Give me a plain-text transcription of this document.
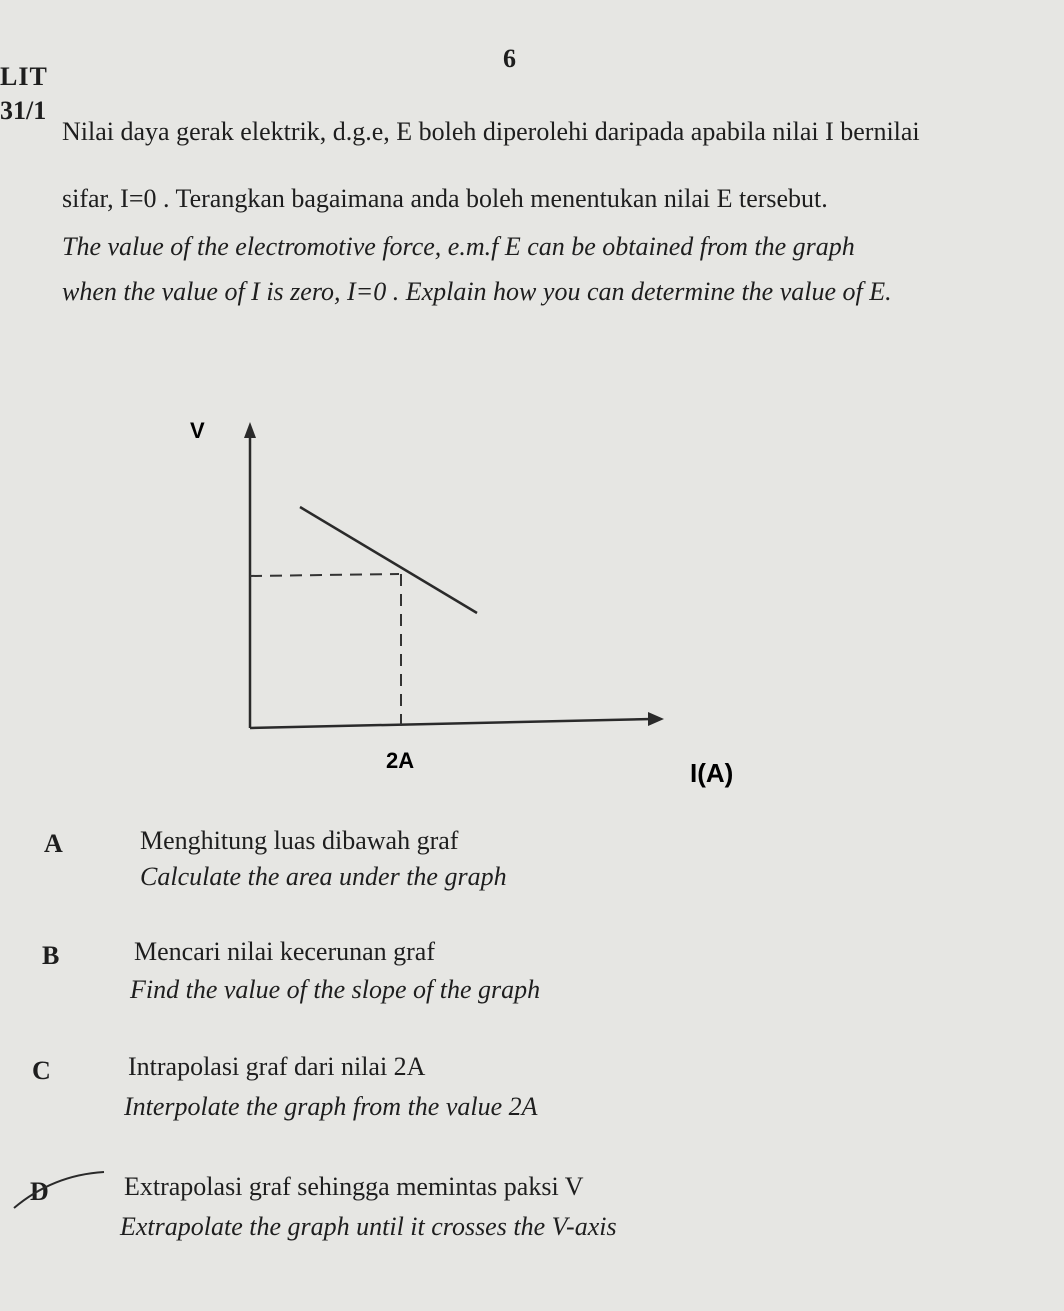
6
LIT
31/1
Nilai daya gerak elektrik, d.g.e, E boleh diperolehi daripada apabila nilai I bernilai
sifar, I=0 . Terangkan bagaimana anda boleh menentukan nilai E tersebut.
The value of the electromotive force, e.m.f E can be obtained from the graph
when the value of I is zero, I=0 . Explain how you can determine the value of E.
V
2A	I(A)
A	Menghitung luas dibawah graf
Calculate the area under the graph
B	Mencari nilai kecerunan graf
Find the value of the slope of the graph
C	Intrapolasi graf dari nilai 2A
Interpolate the graph from the value 2A
D	Extrapolasi graf sehingga memintas paksi V
Extrapolate the graph until it crosses the V-axis
